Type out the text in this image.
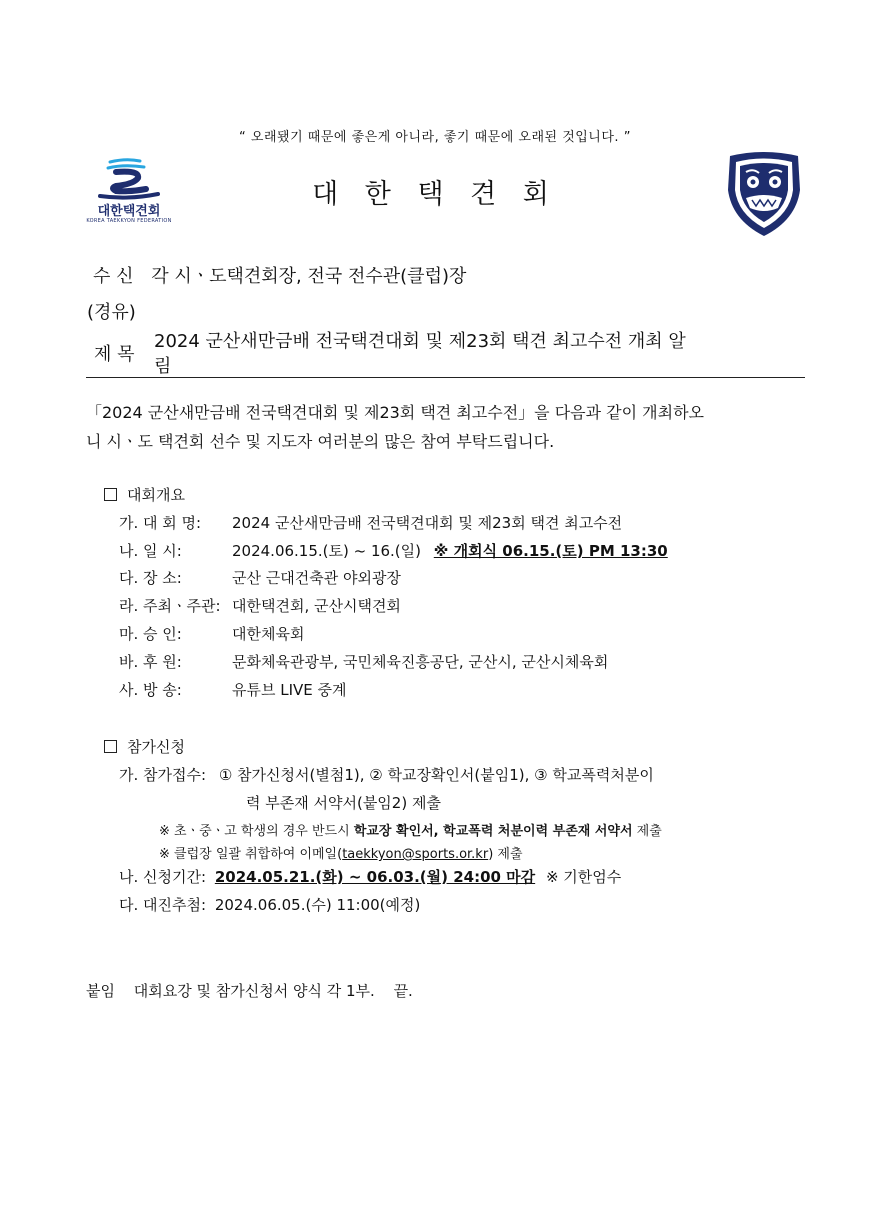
“ 오래됐기 때문에 좋은게 아니라, 좋기 때문에 오래된 것입니다. ”
대한택견회
KOREA TAEKKYON FEDERATION
대 한 택 견 회
수 신 각 시ㆍ도택견회장, 전국 전수관(클럽)장
(경유)
제 목
2024 군산새만금배 전국택견대회 및 제23회 택견 최고수전 개최 알
림
「2024 군산새만금배 전국택견대회 및 제23회 택견 최고수전」을 다음과 같이 개최하오
니 시ㆍ도 택견회 선수 및 지도자 여러분의 많은 참여 부탁드립니다.
대회개요
가. 대 회 명: 2024 군산새만금배 전국택견대회 및 제23회 택견 최고수전
나. 일 시:	2024.06.15.(토) ~ 16.(일) ※ 개회식 06.15.(토) PM 13:30
다. 장 소:	군산 근대건축관 야외광장
라. 주최ㆍ주관: 대한택견회, 군산시택견회
마. 승 인:	대한체육회
바. 후 원:	문화체육관광부, 국민체육진흥공단, 군산시, 군산시체육회
사. 방 송:	유튜브 LIVE 중계
참가신청
가. 참가접수: ① 참가신청서(별첨1), ② 학교장확인서(붙임1), ③ 학교폭력처분이
력 부존재 서약서(붙임2) 제출
※ 초ㆍ중ㆍ고 학생의 경우 반드시 학교장 확인서, 학교폭력 처분이력 부존재 서약서 제출
※ 클럽장 일괄 취합하여 이메일(taekkyon@sports.or.kr) 제출
나. 신청기간: 2024.05.21.(화) ~ 06.03.(월) 24:00 마감 ※ 기한엄수
다. 대진추첨: 2024.06.05.(수) 11:00(예정)
붙임 대회요강 및 참가신청서 양식 각 1부. 끝.
